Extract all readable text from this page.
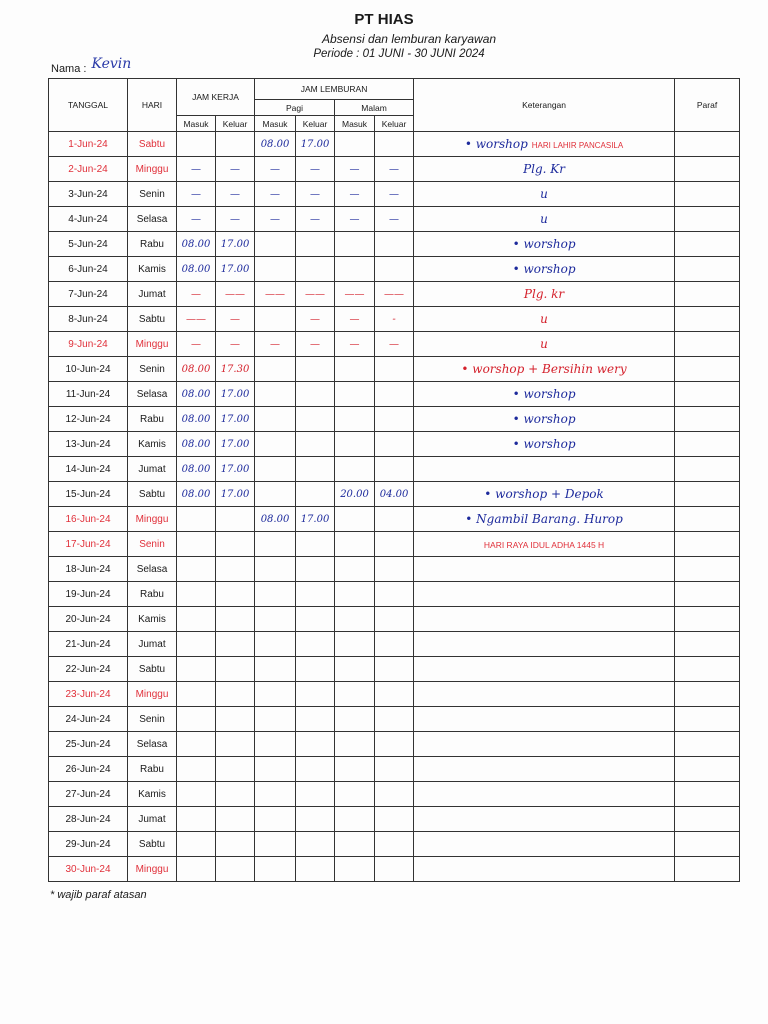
PT HIAS
Absensi dan lemburan karyawan
Periode : 01 JUNI - 30 JUNI 2024
Nama : Kevin
TANGGAL	HARI	JAM KERJA		JAM LEMBURAN				Keterangan	Paraf
				Pagi		Malam			
		Masuk	Keluar	Masuk	Keluar	Masuk	Keluar		
1-Jun-24	Sabtu			08.00	17.00			• worshop HARI LAHIR PANCASILA	
2-Jun-24	Minggu	—	—	—	—	—	—	Plg. Kr	
3-Jun-24	Senin	—	—	—	—	—	—	u	
4-Jun-24	Selasa	—	—	—	—	—	—	u	
5-Jun-24	Rabu	08.00	17.00					• worshop	
6-Jun-24	Kamis	08.00	17.00					• worshop	
7-Jun-24	Jumat	—	——	——	——	——	——	Plg. kr	
8-Jun-24	Sabtu	——	—		—	—	-	u	
9-Jun-24	Minggu	—	—	—	—	—	—	u	
10-Jun-24	Senin	08.00	17.30					• worshop + Bersihin wery	
11-Jun-24	Selasa	08.00	17.00					• worshop	
12-Jun-24	Rabu	08.00	17.00					• worshop	
13-Jun-24	Kamis	08.00	17.00					• worshop	
14-Jun-24	Jumat	08.00	17.00						
15-Jun-24	Sabtu	08.00	17.00			20.00	04.00	• worshop + Depok	
16-Jun-24	Minggu			08.00	17.00			• Ngambil Barang. Hurop	
17-Jun-24	Senin							HARI RAYA IDUL ADHA 1445 H	
18-Jun-24	Selasa								
19-Jun-24	Rabu								
20-Jun-24	Kamis								
21-Jun-24	Jumat								
22-Jun-24	Sabtu								
23-Jun-24	Minggu								
24-Jun-24	Senin								
25-Jun-24	Selasa								
26-Jun-24	Rabu								
27-Jun-24	Kamis								
28-Jun-24	Jumat								
29-Jun-24	Sabtu								
30-Jun-24	Minggu								
* wajib paraf atasan
